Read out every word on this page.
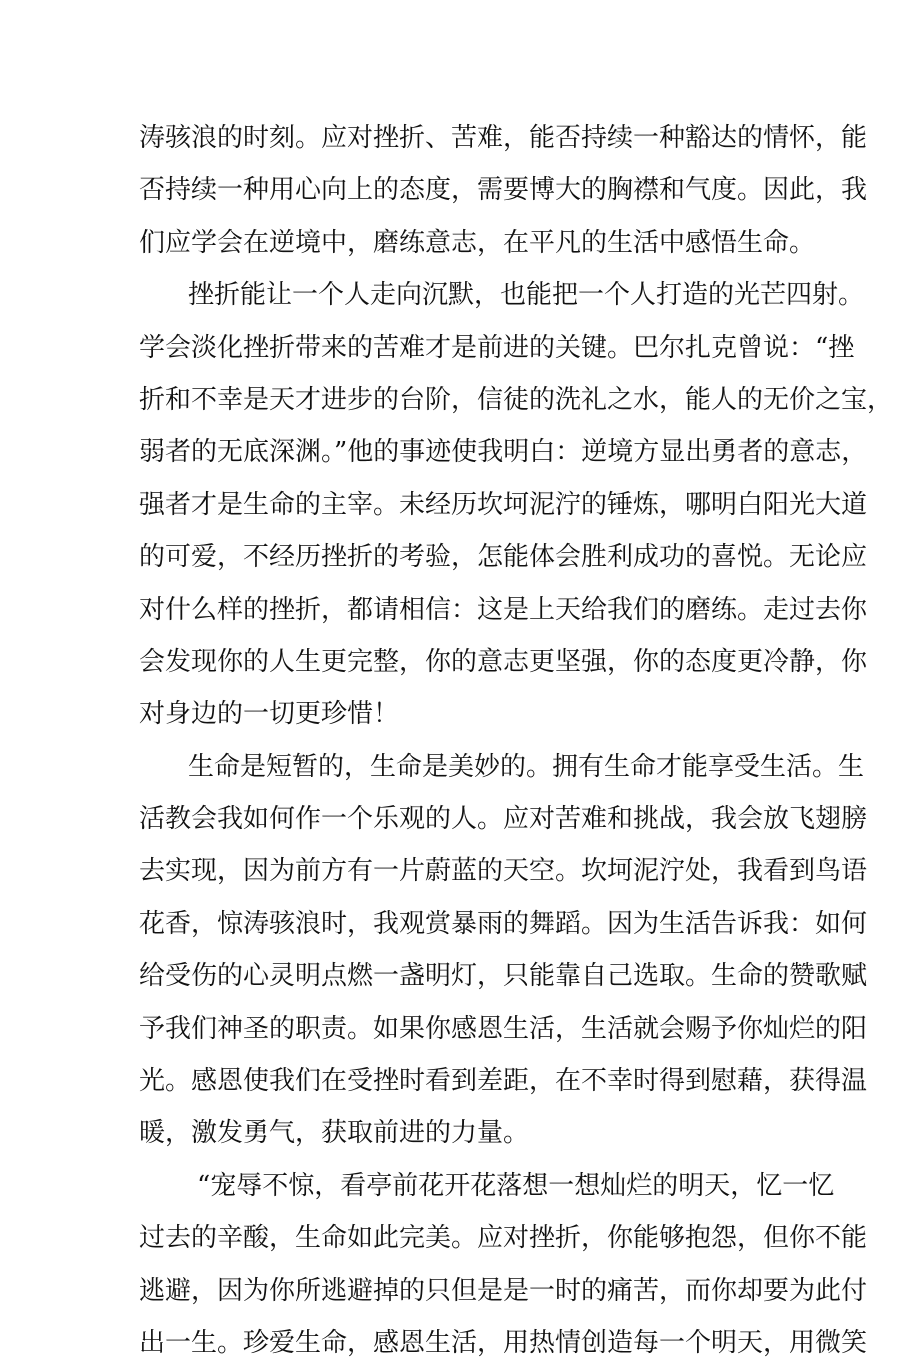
涛骇浪的时刻。应对挫折、苦难，能否持续一种豁达的情怀，能
否持续一种用心向上的态度，需要博大的胸襟和气度。因此，我
们应学会在逆境中，磨练意志，在平凡的生活中感悟生命。
挫折能让一个人走向沉默，也能把一个人打造的光芒四射。
学会淡化挫折带来的苦难才是前进的关键。巴尔扎克曾说：“挫
折和不幸是天才进步的台阶，信徒的洗礼之水，能人的无价之宝，
弱者的无底深渊。”他的事迹使我明白：逆境方显出勇者的意志，
强者才是生命的主宰。未经历坎坷泥泞的锤炼，哪明白阳光大道
的可爱，不经历挫折的考验，怎能体会胜利成功的喜悦。无论应
对什么样的挫折，都请相信：这是上天给我们的磨练。走过去你
会发现你的人生更完整，你的意志更坚强，你的态度更冷静，你
对身边的一切更珍惜！
生命是短暂的，生命是美妙的。拥有生命才能享受生活。生
活教会我如何作一个乐观的人。应对苦难和挑战，我会放飞翅膀
去实现，因为前方有一片蔚蓝的天空。坎坷泥泞处，我看到鸟语
花香，惊涛骇浪时，我观赏暴雨的舞蹈。因为生活告诉我：如何
给受伤的心灵明点燃一盏明灯，只能靠自己选取。生命的赞歌赋
予我们神圣的职责。如果你感恩生活，生活就会赐予你灿烂的阳
光。感恩使我们在受挫时看到差距，在不幸时得到慰藉，获得温
暖，激发勇气，获取前进的力量。
“宠辱不惊，看亭前花开花落想一想灿烂的明天，忆一忆
过去的辛酸，生命如此完美。应对挫折，你能够抱怨，但你不能
逃避，因为你所逃避掉的只但是是一时的痛苦，而你却要为此付
出一生。珍爱生命，感恩生活，用热情创造每一个明天，用微笑
